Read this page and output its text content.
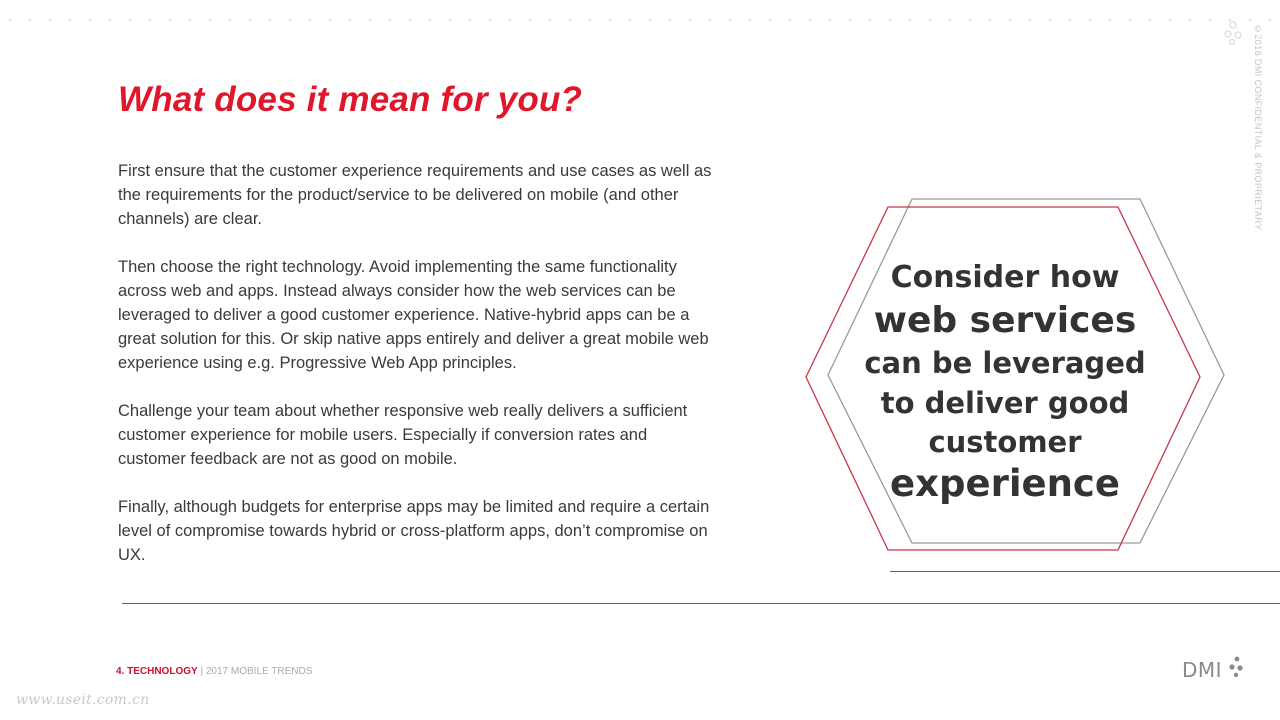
©2016 DMI CONFIDENTIAL & PROPRIETARY
What does it mean for you?

First ensure that the customer experience requirements and use cases as well as the requirements for the product/service to be delivered on mobile (and other channels) are clear.

Then choose the right technology. Avoid implementing the same functionality across web and apps. Instead always consider how the web services can be leveraged to deliver a good customer experience. Native-hybrid apps can be a great solution for this. Or skip native apps entirely and deliver a great mobile web experience using e.g. Progressive Web App principles.

Challenge your team about whether responsive web really delivers a sufficient customer experience for mobile users. Especially if conversion rates and customer feedback are not as good on mobile.

Finally, although budgets for enterprise apps may be limited and require a certain level of compromise towards hybrid or cross-platform apps, don’t compromise on UX.

Consider how
web services
can be leveraged
to deliver good
customer
experience
4. TECHNOLOGY | 2017 MOBILE TRENDS	DMI
www.useit.com.cn
